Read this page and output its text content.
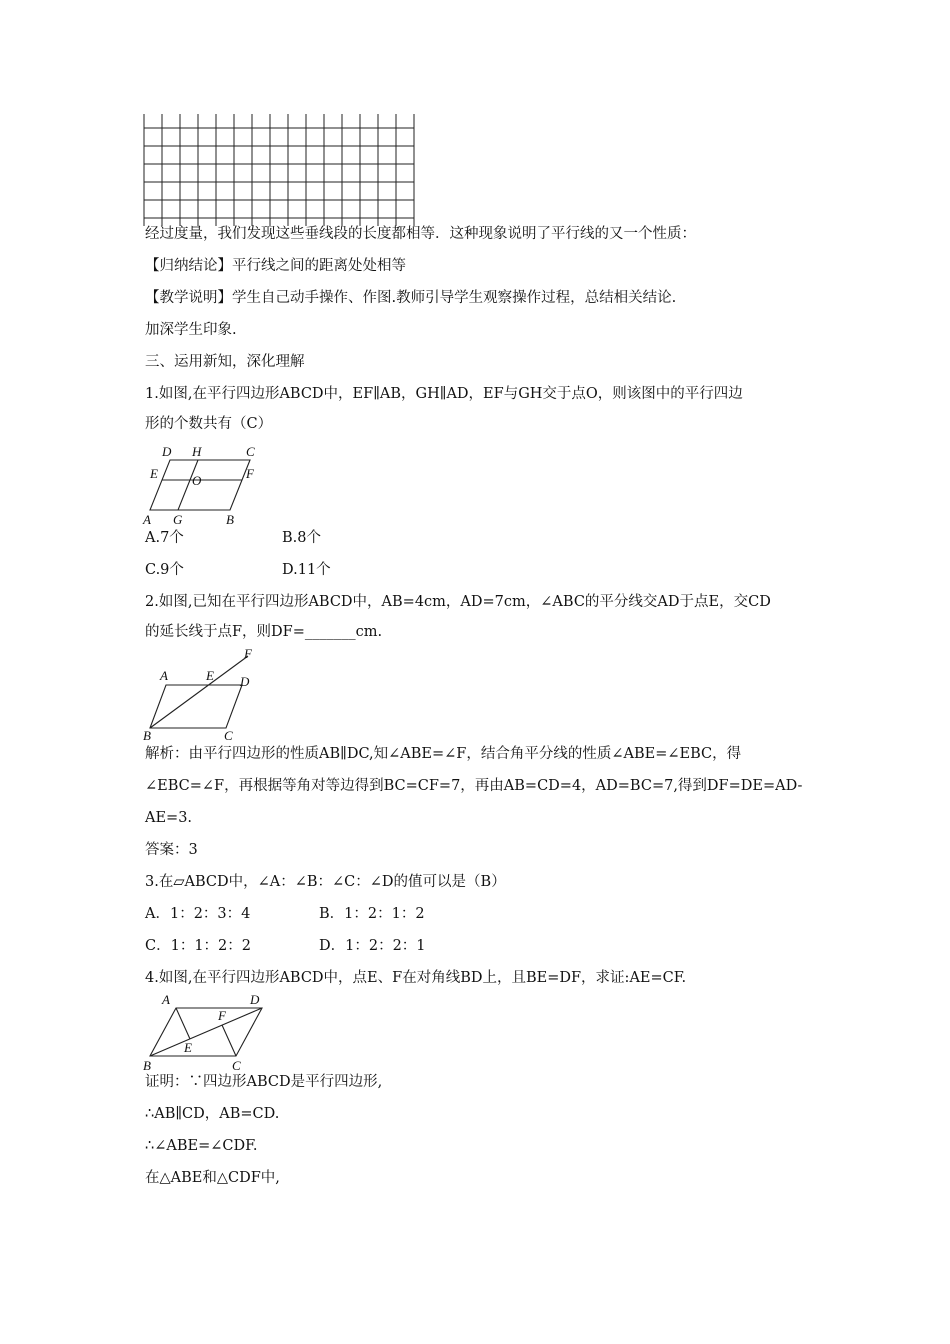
经过度量，我们发现这些垂线段的长度都相等．这种现象说明了平行线的又一个性质：
【归纳结论】平行线之间的距离处处相等
【教学说明】学生自己动手操作、作图.教师引导学生观察操作过程，总结相关结论.
加深学生印象.
三、运用新知，深化理解
1.如图,在平行四边形ABCD中，EF∥AB，GH∥AD，EF与GH交于点O，则该图中的平行四边
形的个数共有（C）
D H	C
E	O	F
A G	B
A.7个	B.8个
C.9个	D.11个
2.如图,已知在平行四边形ABCD中，AB=4cm，AD=7cm，∠ABC的平分线交AD于点E，交CD
的延长线于点F，则DF=_______cm.
A	E D
F
B	C
解析：由平行四边形的性质AB∥DC,知∠ABE=∠F，结合角平分线的性质∠ABE=∠EBC，得
∠EBC=∠F，再根据等角对等边得到BC=CF=7，再由AB=CD=4，AD=BC=7,得到DF=DE=AD-
AE=3.
答案：3
3.在▱ABCD中，∠A：∠B：∠C：∠D的值可以是（B）
A．1：2：3：4	B．1：2：1：2
C．1：1：2：2	D．1：2：2：1
4.如图,在平行四边形ABCD中，点E、F在对角线BD上，且BE=DF，求证:AE=CF.
A	D
F
E
B	C
证明：∵四边形ABCD是平行四边形,
∴AB∥CD，AB=CD.
∴∠ABE=∠CDF.
在△ABE和△CDF中,
